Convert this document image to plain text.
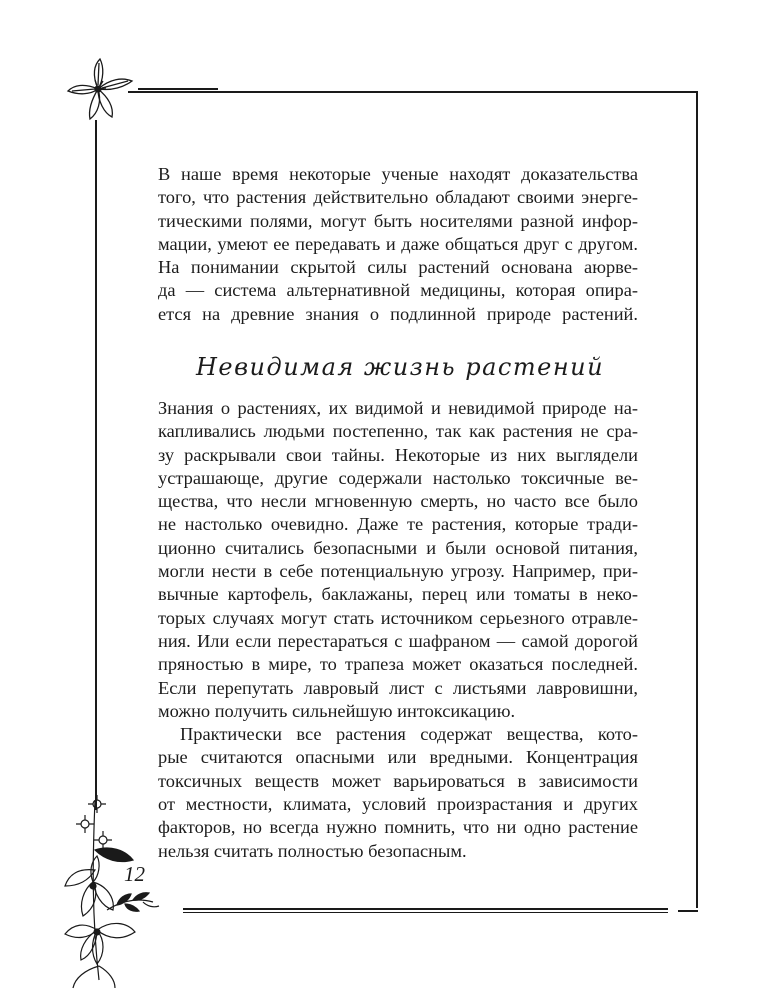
12
В наше время некоторые ученые находят доказательства
того, что растения действительно обладают своими энерге-
тическими полями, могут быть носителями разной инфор-
мации, умеют ее передавать и даже общаться друг с другом.
На понимании скрытой силы растений основана аюрве-
да — система альтернативной медицины, которая опира-
ется на древние знания о подлинной природе растений.
Невидимая жизнь растений
Знания о растениях, их видимой и невидимой природе на-
капливались людьми постепенно, так как растения не сра-
зу раскрывали свои тайны. Некоторые из них выглядели
устрашающе, другие содержали настолько токсичные ве-
щества, что несли мгновенную смерть, но часто все было
не настолько очевидно. Даже те растения, которые тради-
ционно считались безопасными и были основой питания,
могли нести в себе потенциальную угрозу. Например, при-
вычные картофель, баклажаны, перец или томаты в неко-
торых случаях могут стать источником серьезного отравле-
ния. Или если перестараться с шафраном — самой дорогой
пряностью в мире, то трапеза может оказаться последней.
Если перепутать лавровый лист с листьями лавровишни,
можно получить сильнейшую интоксикацию.
Практически все растения содержат вещества, кото-
рые считаются опасными или вредными. Концентрация
токсичных веществ может варьироваться в зависимости
от местности, климата, условий произрастания и других
факторов, но всегда нужно помнить, что ни одно растение
нельзя считать полностью безопасным.
